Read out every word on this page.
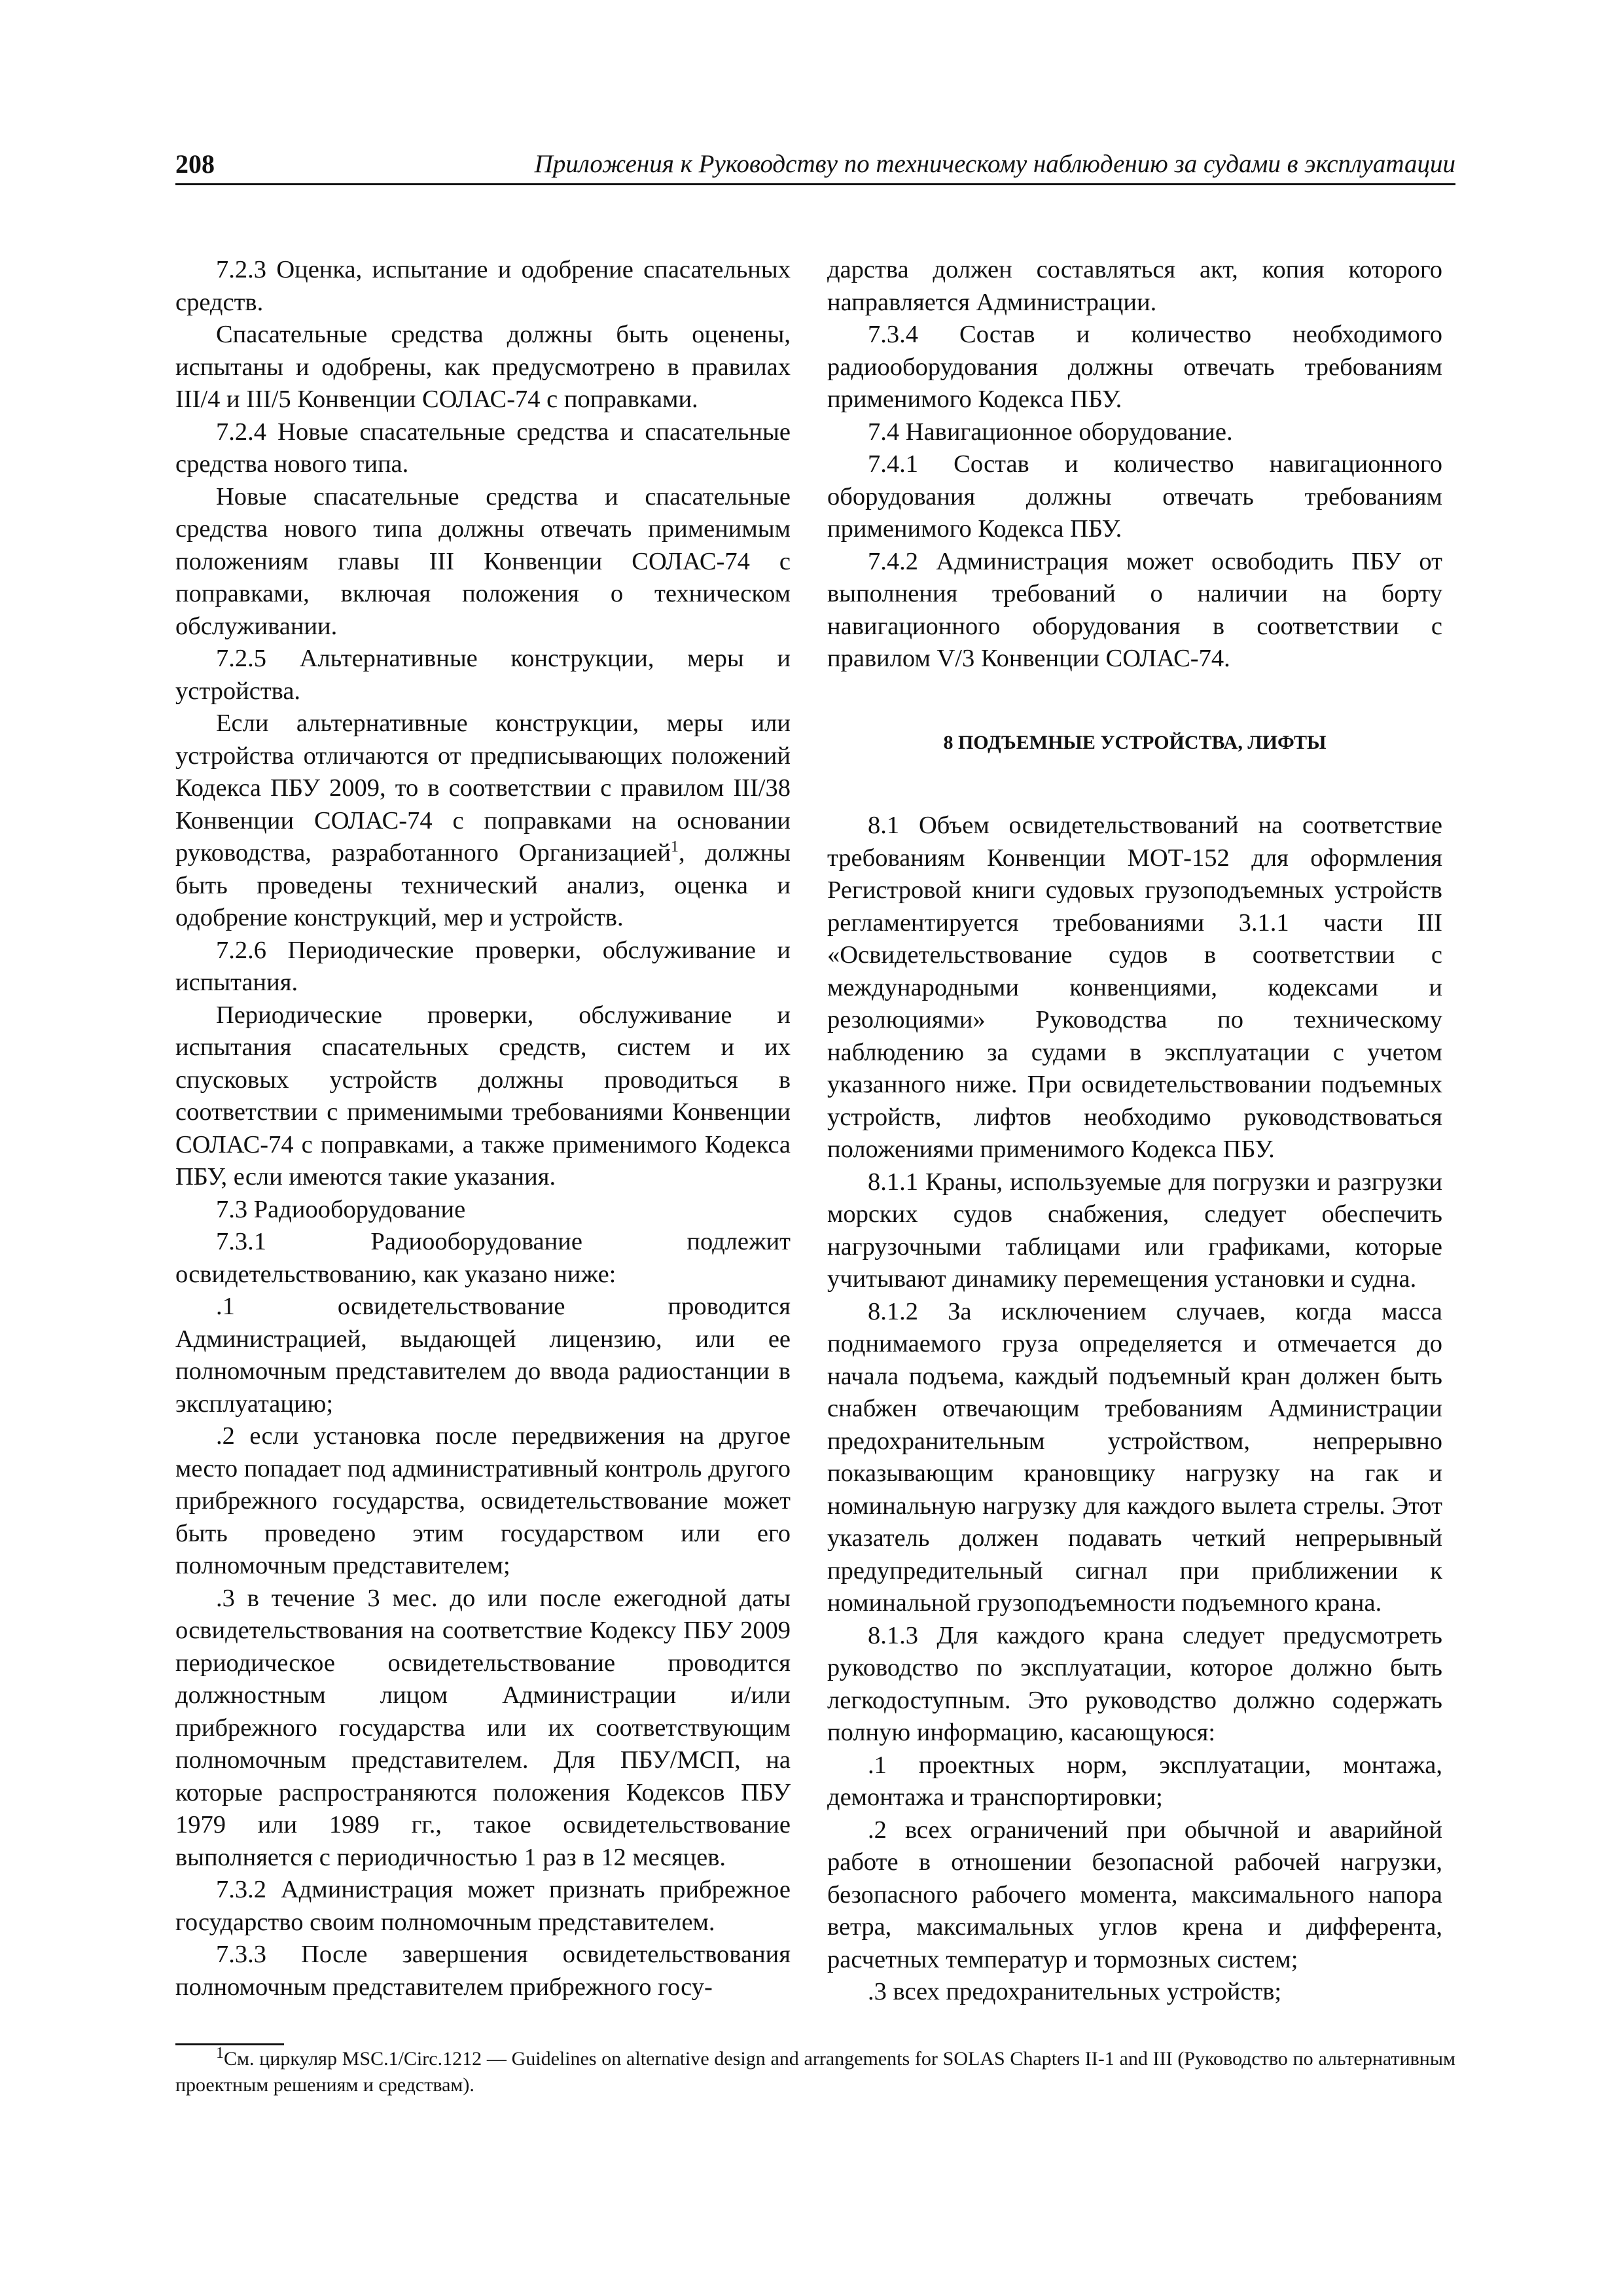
208	Приложения к Руководству по техническому наблюдению за судами в эксплуатации

7.2.3 Оценка, испытание и одобрение спасательных средств.

Спасательные средства должны быть оценены, испытаны и одобрены, как предусмотрено в правилах III/4 и III/5 Конвенции СОЛАС-74 с поправками.

7.2.4 Новые спасательные средства и спасательные средства нового типа.

Новые спасательные средства и спасательные средства нового типа должны отвечать применимым положениям главы III Конвенции СОЛАС-74 с поправками, включая положения о техническом обслуживании.

7.2.5 Альтернативные конструкции, меры и устройства.

Если альтернативные конструкции, меры или устройства отличаются от предписывающих положений Кодекса ПБУ 2009, то в соответствии с правилом III/38 Конвенции СОЛАС-74 с поправками на основании руководства, разработанного Организацией$^1$, должны быть проведены технический анализ, оценка и одобрение конструкций, мер и устройств.

7.2.6 Периодические проверки, обслуживание и испытания.

Периодические проверки, обслуживание и испытания спасательных средств, систем и их спусковых устройств должны проводиться в соответствии с применимыми требованиями Конвенции СОЛАС-74 с поправками, а также применимого Кодекса ПБУ, если имеются такие указания.

7.3 Радиооборудование

7.3.1 Радиооборудование подлежит освидетельствованию, как указано ниже:

.1 освидетельствование проводится Администрацией, выдающей лицензию, или ее полномочным представителем до ввода радиостанции в эксплуатацию;

.2 если установка после передвижения на другое место попадает под административный контроль другого прибрежного государства, освидетельствование может быть проведено этим государством или его полномочным представителем;

.3 в течение 3 мес. до или после ежегодной даты освидетельствования на соответствие Кодексу ПБУ 2009 периодическое освидетельствование проводится должностным лицом Администрации и/или прибрежного государства или их соответствующим полномочным представителем. Для ПБУ/МСП, на которые распространяются положения Кодексов ПБУ 1979 или 1989 гг., такое освидетельствование выполняется с периодичностью 1 раз в 12 месяцев.

7.3.2 Администрация может признать прибрежное государство своим полномочным представителем.

7.3.3 После завершения освидетельствования полномочным представителем прибрежного госу-

дарства должен составляться акт, копия которого направляется Администрации.

7.3.4 Состав и количество необходимого радиооборудования должны отвечать требованиям применимого Кодекса ПБУ.

7.4 Навигационное оборудование.

7.4.1 Состав и количество навигационного оборудования должны отвечать требованиям применимого Кодекса ПБУ.

7.4.2 Администрация может освободить ПБУ от выполнения требований о наличии на борту навигационного оборудования в соответствии с правилом V/3 Конвенции СОЛАС-74.

8 ПОДЪЕМНЫЕ УСТРОЙСТВА, ЛИФТЫ

8.1 Объем освидетельствований на соответствие требованиям Конвенции МОТ-152 для оформления Регистровой книги судовых грузоподъемных устройств регламентируется требованиями 3.1.1 части III «Освидетельствование судов в соответствии с международными конвенциями, кодексами и резолюциями» Руководства по техническому наблюдению за судами в эксплуатации с учетом указанного ниже. При освидетельствовании подъемных устройств, лифтов необходимо руководствоваться положениями применимого Кодекса ПБУ.

8.1.1 Краны, используемые для погрузки и разгрузки морских судов снабжения, следует обеспечить нагрузочными таблицами или графиками, которые учитывают динамику перемещения установки и судна.

8.1.2 За исключением случаев, когда масса поднимаемого груза определяется и отмечается до начала подъема, каждый подъемный кран должен быть снабжен отвечающим требованиям Администрации предохранительным устройством, непрерывно показывающим крановщику нагрузку на гак и номинальную нагрузку для каждого вылета стрелы. Этот указатель должен подавать четкий непрерывный предупредительный сигнал при приближении к номинальной грузоподъемности подъемного крана.

8.1.3 Для каждого крана следует предусмотреть руководство по эксплуатации, которое должно быть легкодоступным. Это руководство должно содержать полную информацию, касающуюся:

.1 проектных норм, эксплуатации, монтажа, демонтажа и транспортировки;

.2 всех ограничений при обычной и аварийной работе в отношении безопасной рабочей нагрузки, безопасного рабочего момента, максимального напора ветра, максимальных углов крена и дифферента, расчетных температур и тормозных систем;

.3 всех предохранительных устройств;

$^1$См. циркуляр MSC.1/Circ.1212 — Guidelines on alternative design and arrangements for SOLAS Chapters II-1 and III (Руководство по альтернативным проектным решениям и средствам).
